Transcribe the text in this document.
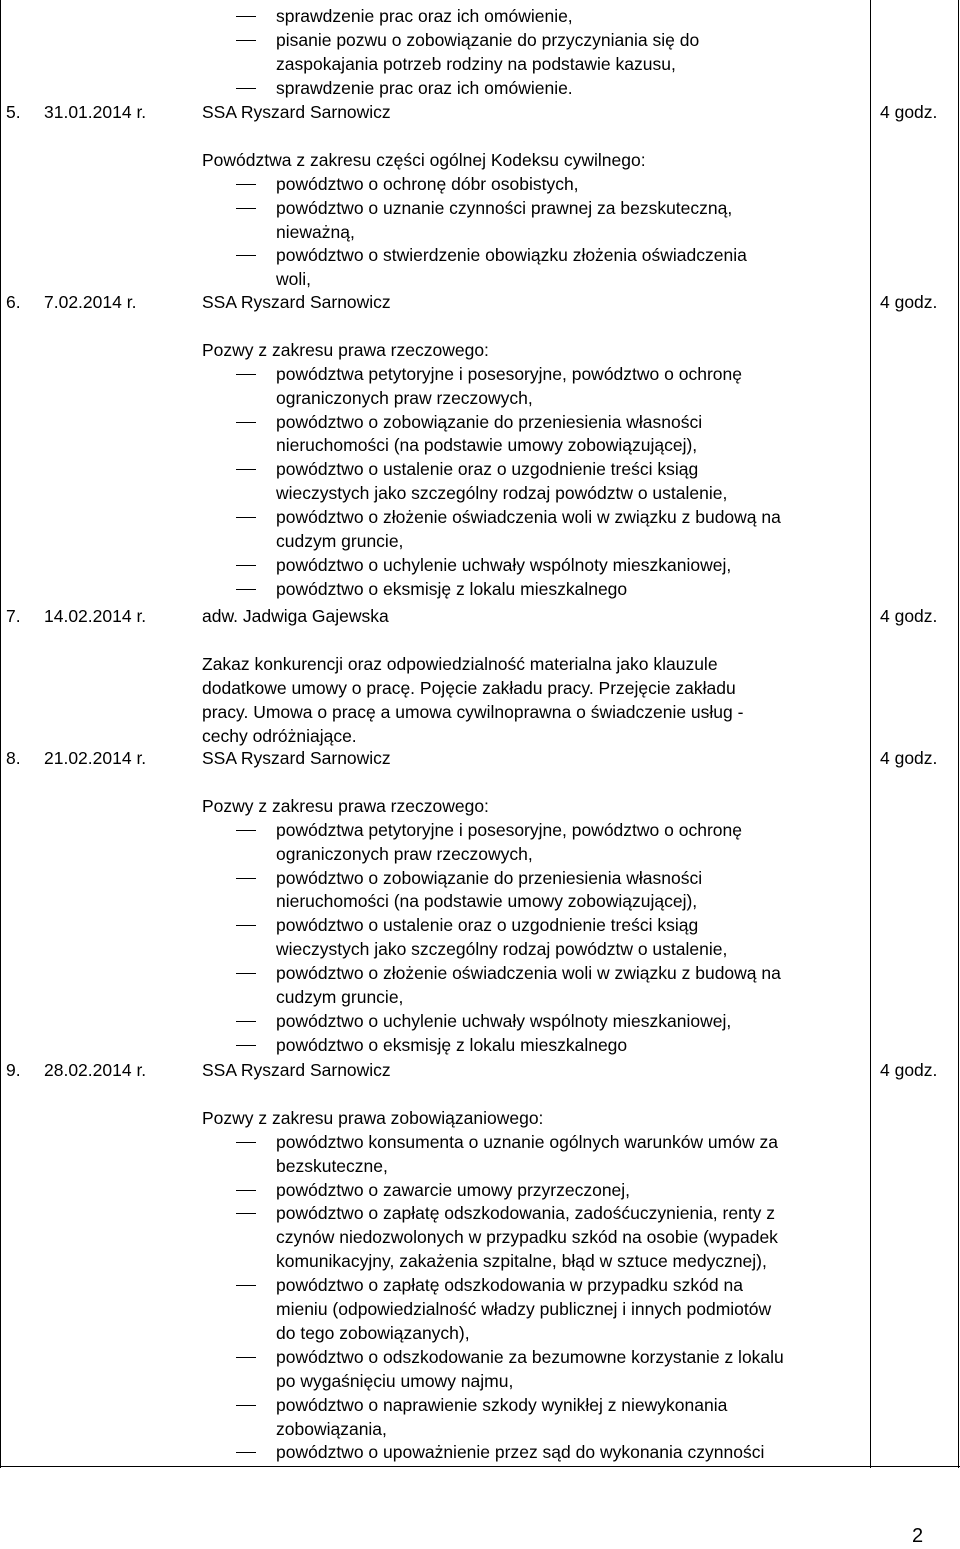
sprawdzenie prac oraz ich omówienie,
pisanie pozwu o zobowiązanie do przyczyniania się do
zaspokajania potrzeb rodziny na podstawie kazusu,
sprawdzenie prac oraz ich omówienie.
5. 31.01.2014 r.	SSA Ryszard Sarnowicz	4 godz.
Powództwa z zakresu części ogólnej Kodeksu cywilnego:
powództwo o ochronę dóbr osobistych,
powództwo o uznanie czynności prawnej za bezskuteczną,
nieważną,
powództwo o stwierdzenie obowiązku złożenia oświadczenia
woli,
6. 7.02.2014 r.	SSA Ryszard Sarnowicz	4 godz.
Pozwy z zakresu prawa rzeczowego:
powództwa petytoryjne i posesoryjne, powództwo o ochronę
ograniczonych praw rzeczowych,
powództwo o zobowiązanie do przeniesienia własności
nieruchomości (na podstawie umowy zobowiązującej),
powództwo o ustalenie oraz o uzgodnienie treści ksiąg
wieczystych jako szczególny rodzaj powództw o ustalenie,
powództwo o złożenie oświadczenia woli w związku z budową na
cudzym gruncie,
powództwo o uchylenie uchwały wspólnoty mieszkaniowej,
powództwo o eksmisję z lokalu mieszkalnego
7. 14.02.2014 r.	adw. Jadwiga Gajewska	4 godz.
Zakaz konkurencji oraz odpowiedzialność materialna jako klauzule
dodatkowe umowy o pracę. Pojęcie zakładu pracy. Przejęcie zakładu
pracy. Umowa o pracę a umowa cywilnoprawna o świadczenie usług -
cechy odróżniające.
8. 21.02.2014 r.	SSA Ryszard Sarnowicz	4 godz.
Pozwy z zakresu prawa rzeczowego:
powództwa petytoryjne i posesoryjne, powództwo o ochronę
ograniczonych praw rzeczowych,
powództwo o zobowiązanie do przeniesienia własności
nieruchomości (na podstawie umowy zobowiązującej),
powództwo o ustalenie oraz o uzgodnienie treści ksiąg
wieczystych jako szczególny rodzaj powództw o ustalenie,
powództwo o złożenie oświadczenia woli w związku z budową na
cudzym gruncie,
powództwo o uchylenie uchwały wspólnoty mieszkaniowej,
powództwo o eksmisję z lokalu mieszkalnego
9. 28.02.2014 r.	SSA Ryszard Sarnowicz	4 godz.
Pozwy z zakresu prawa zobowiązaniowego:
powództwo konsumenta o uznanie ogólnych warunków umów za
bezskuteczne,
powództwo o zawarcie umowy przyrzeczonej,
powództwo o zapłatę odszkodowania, zadośćuczynienia, renty z
czynów niedozwolonych w przypadku szkód na osobie (wypadek
komunikacyjny, zakażenia szpitalne, błąd w sztuce medycznej),
powództwo o zapłatę odszkodowania w przypadku szkód na
mieniu (odpowiedzialność władzy publicznej i innych podmiotów
do tego zobowiązanych),
powództwo o odszkodowanie za bezumowne korzystanie z lokalu
po wygaśnięciu umowy najmu,
powództwo o naprawienie szkody wynikłej z niewykonania
zobowiązania,
powództwo o upoważnienie przez sąd do wykonania czynności
2
